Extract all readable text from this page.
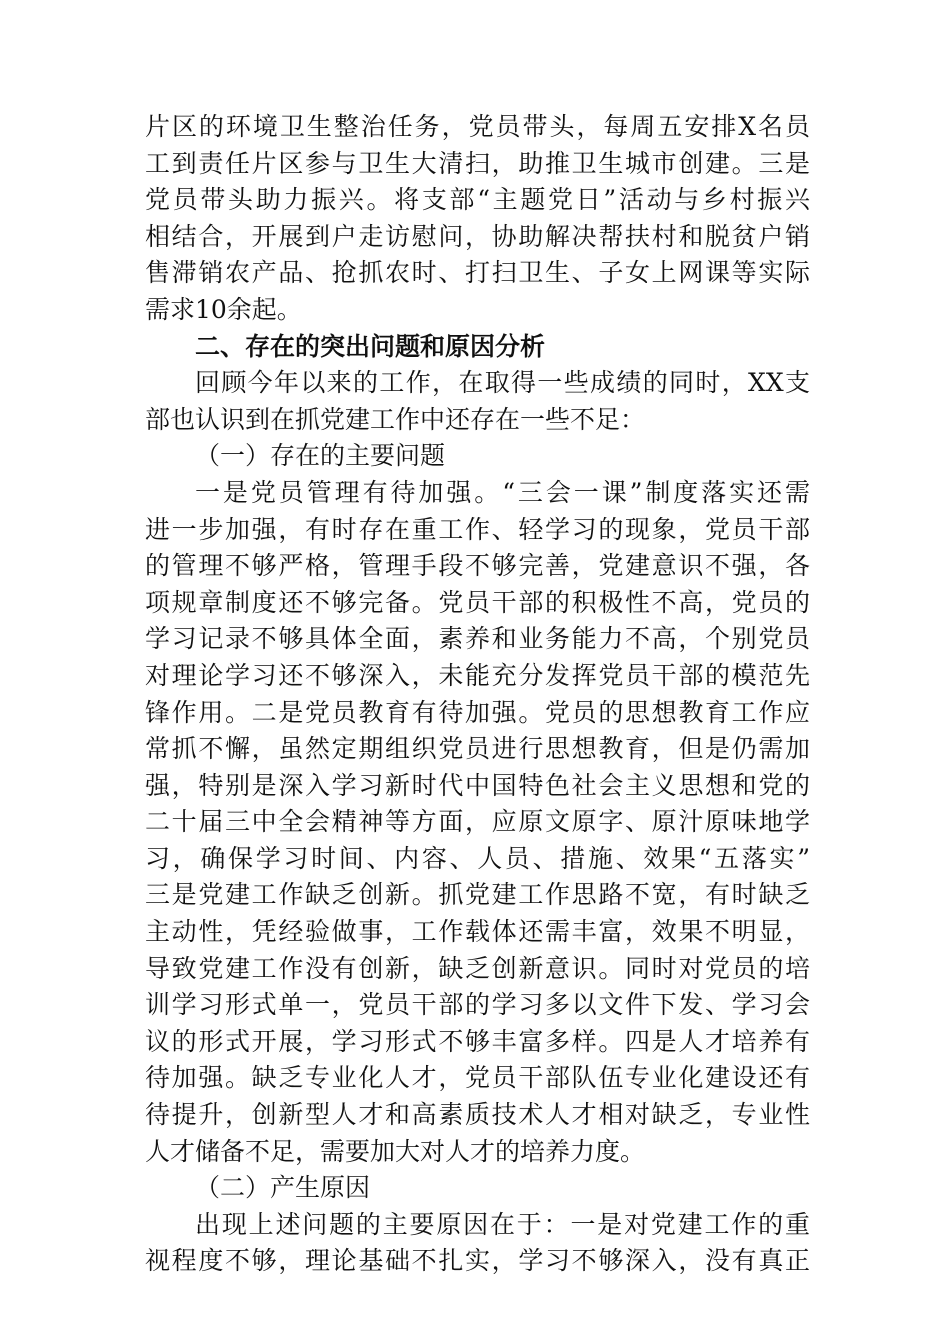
片区的环境卫生整治任务，党员带头，每周五安排X名员
工到责任片区参与卫生大清扫，助推卫生城市创建。三是
党员带头助力振兴。将支部“主题党日”活动与乡村振兴
相结合，开展到户走访慰问，协助解决帮扶村和脱贫户销
售滞销农产品、抢抓农时、打扫卫生、子女上网课等实际
需求10余起。
二、存在的突出问题和原因分析
回顾今年以来的工作，在取得一些成绩的同时，XX支
部也认识到在抓党建工作中还存在一些不足：
（一）存在的主要问题
一是党员管理有待加强。“三会一课”制度落实还需
进一步加强，有时存在重工作、轻学习的现象，党员干部
的管理不够严格，管理手段不够完善，党建意识不强，各
项规章制度还不够完备。党员干部的积极性不高，党员的
学习记录不够具体全面，素养和业务能力不高，个别党员
对理论学习还不够深入，未能充分发挥党员干部的模范先
锋作用。二是党员教育有待加强。党员的思想教育工作应
常抓不懈，虽然定期组织党员进行思想教育，但是仍需加
强，特别是深入学习新时代中国特色社会主义思想和党的
二十届三中全会精神等方面，应原文原字、原汁原味地学
习，确保学习时间、内容、人员、措施、效果“五落实”
三是党建工作缺乏创新。抓党建工作思路不宽，有时缺乏
主动性，凭经验做事，工作载体还需丰富，效果不明显，
导致党建工作没有创新，缺乏创新意识。同时对党员的培
训学习形式单一，党员干部的学习多以文件下发、学习会
议的形式开展，学习形式不够丰富多样。四是人才培养有
待加强。缺乏专业化人才，党员干部队伍专业化建设还有
待提升，创新型人才和高素质技术人才相对缺乏，专业性
人才储备不足，需要加大对人才的培养力度。
（二）产生原因
出现上述问题的主要原因在于：一是对党建工作的重
视程度不够，理论基础不扎实，学习不够深入，没有真正
